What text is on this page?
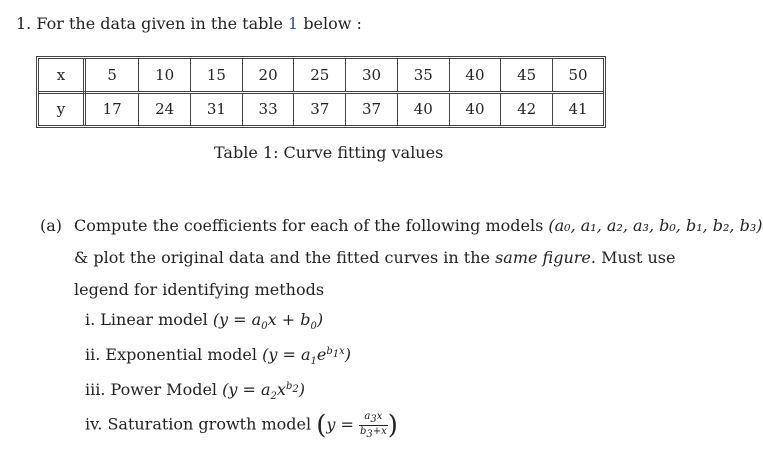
1. For the data given in the table 1 below :
x	5	10	15	20	25	30	35	40	45	50
y	17	24	31	33	37	37	40	40	42	41
Table 1: Curve fitting values
(a) Compute the coefficients for each of the following models (a₀, a₁, a₂, a₃, b₀, b₁, b₂, b₃)
& plot the original data and the fitted curves in the same figure. Must use
legend for identifying methods
i. Linear model $(y = a_0x + b_0)$
ii. Exponential model $(y = a_1e^{b_1x})$
iii. Power Model $(y = a_2x^{b_2})$
iv. Saturation growth model ($y = \frac{a_3x}{b_3+x}$ )
